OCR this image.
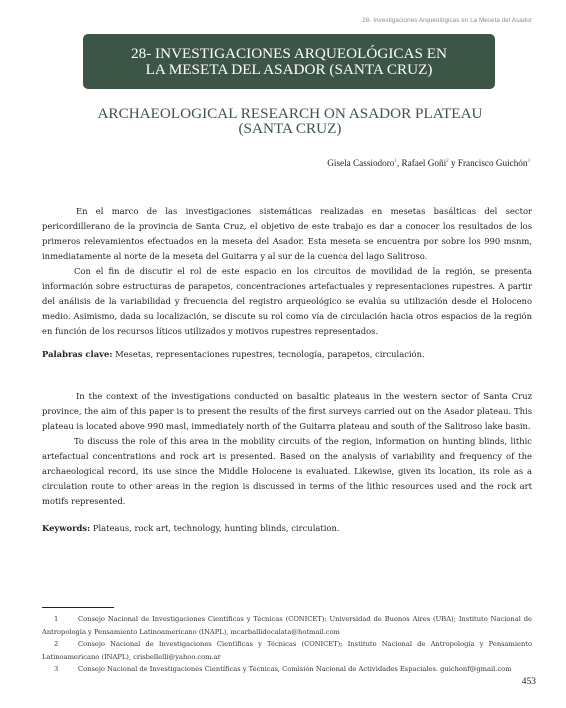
28- Investigaciones Arqueológicas en La Meseta del Asador
28- INVESTIGACIONES ARQUEOLÓGICAS EN
LA MESETA DEL ASADOR (SANTA CRUZ)
ARCHAEOLOGICAL RESEARCH ON ASADOR PLATEAU
(SANTA CRUZ)
Gisela Cassiodoro$^1$, Rafael Goñi$^2$ y Francisco Guichón$^3$

En el marco de las investigaciones sistemáticas realizadas en mesetas basálticas del sector pericordillerano de la provincia de Santa Cruz, el objetivo de este trabajo es dar a conocer los resultados de los primeros relevamientos efectuados en la meseta del Asador. Esta meseta se encuentra por sobre los 990 msnm, inmediatamente al norte de la meseta del Guitarra y al sur de la cuenca del lago Salitroso.

Con el fin de discutir el rol de este espacio en los circuitos de movilidad de la región, se presenta información sobre estructuras de parapetos, concentraciones artefactuales y representaciones rupestres. A partir del análisis de la variabilidad y frecuencia del registro arqueológico se evalúa su utilización desde el Holoceno medio. Asimismo, dada su localización, se discute su rol como vía de circulación hacia otros espacios de la región en función de los recursos líticos utilizados y motivos rupestres representados.

Palabras clave: Mesetas, representaciones rupestres, tecnología, parapetos, circulación.

In the context of the investigations conducted on basaltic plateaus in the western sector of Santa Cruz province, the aim of this paper is to present the results of the first surveys carried out on the Asador plateau. This plateau is located above 990 masl, immediately north of the Guitarra plateau and south of the Salitroso lake basin.

To discuss the role of this area in the mobility circuits of the region, information on hunting blinds, lithic artefactual concentrations and rock art is presented. Based on the analysis of variability and frequency of the archaeological record, its use since the Middle Holocene is evaluated. Likewise, given its location, its role as a circulation route to other areas in the region is discussed in terms of the lithic resources used and the rock art motifs represented.

Keywords: Plateaus, rock art, technology, hunting blinds, circulation.

1	Consejo Nacional de Investigaciones Científicas y Técnicas (CONICET); Universidad de Buenos Aires (UBA); Instituto Nacional de Antropología y Pensamiento Latinoamericano (INAPL), mcarballidocalata@hotmail.com

2	Consejo Nacional de Investigaciones Científicas y Técnicas (CONICET); Instituto Nacional de Antropología y Pensamiento Latinoamericano (INAPL), crisbellelli@yahoo.com.ar

3	Consejo Nacional de Investigaciones Científicas y Técnicas, Comisión Nacional de Actividades Espaciales. guichonf@gmail.com

453
